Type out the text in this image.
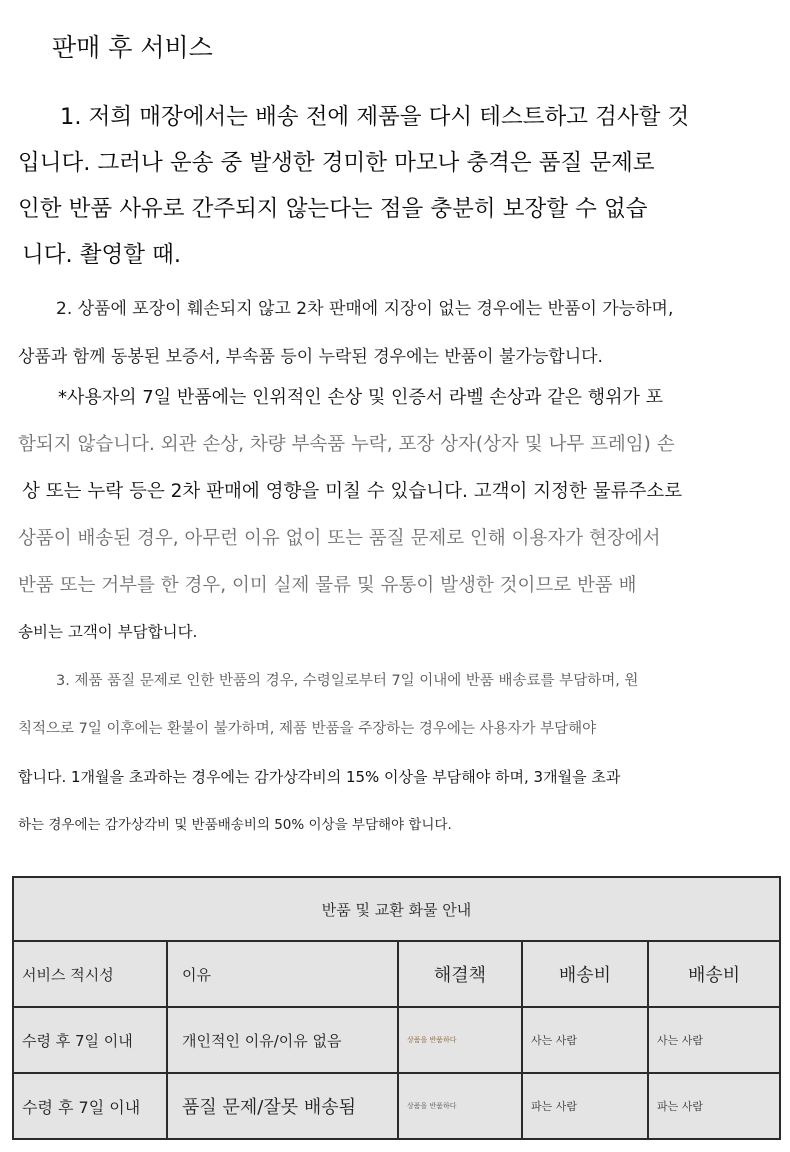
판매 후 서비스
1. 저희 매장에서는 배송 전에 제품을 다시 테스트하고 검사할 것
입니다. 그러나 운송 중 발생한 경미한 마모나 충격은 품질 문제로
인한 반품 사유로 간주되지 않는다는 점을 충분히 보장할 수 없습
니다. 촬영할 때.
2. 상품에 포장이 훼손되지 않고 2차 판매에 지장이 없는 경우에는 반품이 가능하며,
상품과 함께 동봉된 보증서, 부속품 등이 누락된 경우에는 반품이 불가능합니다.
*사용자의 7일 반품에는 인위적인 손상 및 인증서 라벨 손상과 같은 행위가 포
함되지 않습니다. 외관 손상, 차량 부속품 누락, 포장 상자(상자 및 나무 프레임) 손
상 또는 누락 등은 2차 판매에 영향을 미칠 수 있습니다. 고객이 지정한 물류주소로
상품이 배송된 경우, 아무런 이유 없이 또는 품질 문제로 인해 이용자가 현장에서
반품 또는 거부를 한 경우, 이미 실제 물류 및 유통이 발생한 것이므로 반품 배
송비는 고객이 부담합니다.
3. 제품 품질 문제로 인한 반품의 경우, 수령일로부터 7일 이내에 반품 배송료를 부담하며, 원
칙적으로 7일 이후에는 환불이 불가하며, 제품 반품을 주장하는 경우에는 사용자가 부담해야
합니다. 1개월을 초과하는 경우에는 감가상각비의 15% 이상을 부담해야 하며, 3개월을 초과
하는 경우에는 감가상각비 및 반품배송비의 50% 이상을 부담해야 합니다.
반품 및 교환 화물 안내				
서비스 적시성	이유	해결책	배송비	배송비
수령 후 7일 이내	개인적인 이유/이유 없음	상품을 반품하다	사는 사람	사는 사람
수령 후 7일 이내	품질 문제/잘못 배송됨	상품을 반품하다	파는 사람	파는 사람
